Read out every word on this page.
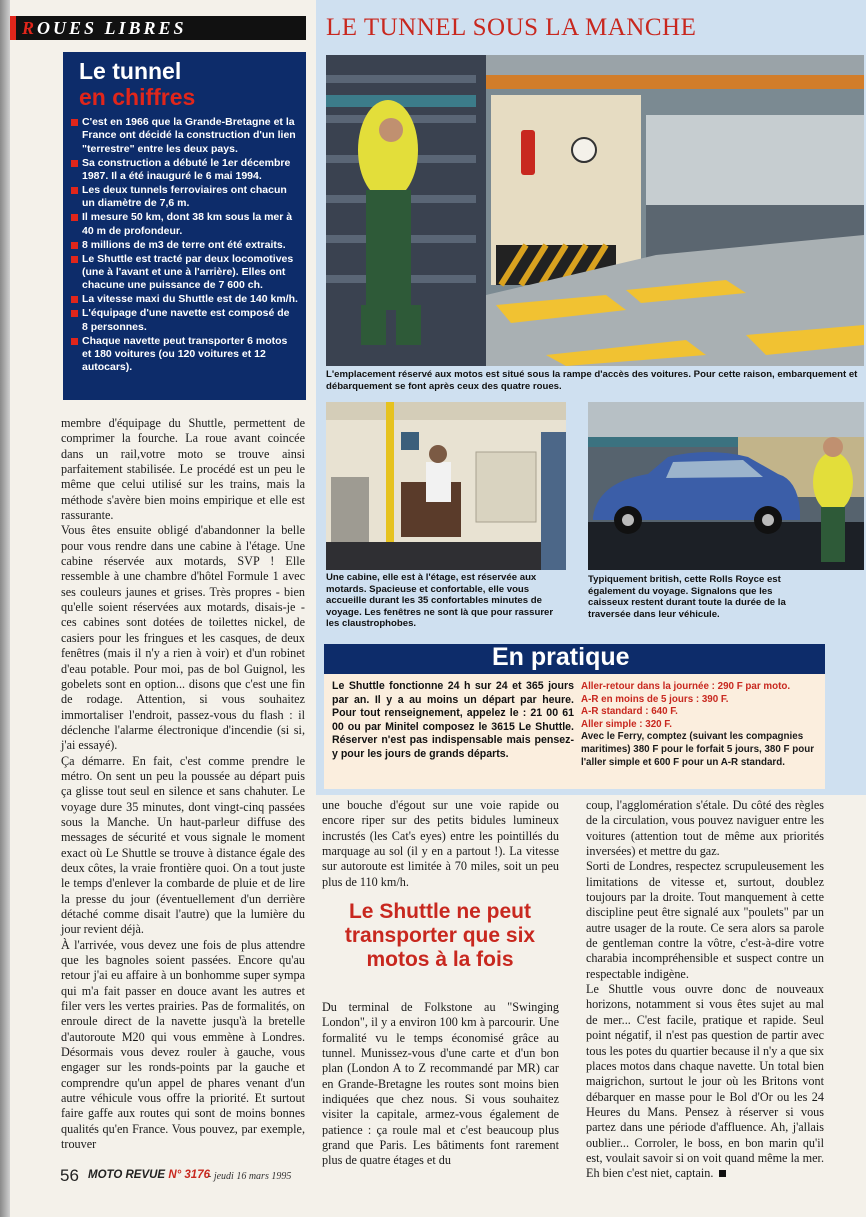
ROUES LIBRES	LE TUNNEL SOUS LA MANCHE
Le tunnel
en chiffres
C'est en 1966 que la Grande-Bretagne et la France ont décidé la construction d'un lien "terrestre" entre les deux pays.
Sa construction a débuté le 1er décembre 1987. Il a été inauguré le 6 mai 1994.
Les deux tunnels ferroviaires ont chacun un diamètre de 7,6 m.
Il mesure 50 km, dont 38 km sous la mer à 40 m de profondeur.
8 millions de m3 de terre ont été extraits.
Le Shuttle est tracté par deux locomotives (une à l'avant et une à l'arrière). Elles ont chacune une puissance de 7 600 ch.
La vitesse maxi du Shuttle est de 140 km/h.
L'équipage d'une navette est composé de 8 personnes.
Chaque navette peut transporter 6 motos et 180 voitures (ou 120 voitures et 12 autocars).
L'emplacement réservé aux motos est situé sous la rampe d'accès des voitures. Pour cette raison, embarquement et débarquement se font après ceux des quatre roues.
Une cabine, elle est à l'étage, est réservée aux motards. Spacieuse et confortable, elle vous accueille durant les 35 confortables minutes de voyage. Les fenêtres ne sont là que pour rassurer les claustrophobes.
Typiquement british, cette Rolls Royce est également du voyage. Signalons que les caisseux restent durant toute la durée de la traversée dans leur véhicule.

membre d'équipage du Shuttle, permettent de comprimer la fourche. La roue avant coincée dans un rail,votre moto se trouve ainsi parfaitement stabilisée. Le procédé est un peu le même que celui utilisé sur les trains, mais la méthode s'avère bien moins empirique et elle est rassurante.

Vous êtes ensuite obligé d'abandonner la belle pour vous rendre dans une cabine à l'étage. Une cabine réservée aux motards, SVP ! Elle ressemble à une chambre d'hôtel Formule 1 avec ses couleurs jaunes et grises. Très propres - bien qu'elle soient réservées aux motards, disais-je - ces cabines sont dotées de toilettes nickel, de casiers pour les fringues et les casques, de deux fenêtres (mais il n'y a rien à voir) et d'un robinet d'eau potable. Pour moi, pas de bol Guignol, les gobelets sont en option... disons que c'est une fin de rodage. Attention, si vous souhaitez immortaliser l'endroit, passez-vous du flash : il déclenche l'alarme électronique d'incendie (si si, j'ai essayé).

Ça démarre. En fait, c'est comme prendre le métro. On sent un peu la poussée au départ puis ça glisse tout seul en silence et sans chahuter. Le voyage dure 35 minutes, dont vingt-cinq passées sous la Manche. Un haut-parleur diffuse des messages de sécurité et vous signale le moment exact où Le Shuttle se trouve à distance égale des deux côtes, la vraie frontière quoi. On a tout juste le temps d'enlever la combarde de pluie et de lire la presse du jour (éventuellement d'un derrière détaché comme disait l'autre) que la lumière du jour revient déjà.

À l'arrivée, vous devez une fois de plus attendre que les bagnoles soient passées. Encore qu'au retour j'ai eu affaire à un bonhomme super sympa qui m'a fait passer en douce avant les autres et filer vers les vertes prairies. Pas de formalités, on enroule direct de la navette jusqu'à la bretelle d'autoroute M20 qui vous emmène à Londres. Désormais vous devez rouler à gauche, vous engager sur les ronds-points par la gauche et comprendre qu'un appel de phares venant d'un autre véhicule vous offre la priorité. Et surtout faire gaffe aux routes qui sont de moins bonnes qualités qu'en France. Vous pouvez, par exemple, trouver

En pratique
Le Shuttle fonctionne 24 h sur 24 et 365 jours par an. Il y a au moins un départ par heure. Pour tout renseignement, appelez le : 21 00 61 00 ou par Minitel composez le 3615 Le Shuttle. Réserver n'est pas indispensable mais pensez-y pour les jours de grands départs.
Aller-retour dans la journée : 290 F par moto.
A-R en moins de 5 jours : 390 F.
A-R standard : 640 F.
Aller simple : 320 F.
Avec le Ferry, comptez (suivant les compagnies maritimes) 380 F pour le forfait 5 jours, 380 F pour l'aller simple et 600 F pour un A-R standard.

une bouche d'égout sur une voie rapide ou encore riper sur des petits bidules lumineux incrustés (les Cat's eyes) entre les pointillés du marquage au sol (il y en a partout !). La vitesse sur autoroute est limitée à 70 miles, soit un peu plus de 110 km/h.

Le Shuttle ne peut transporter que six motos à la fois

Du terminal de Folkstone au "Swinging London", il y a environ 100 km à parcourir. Une formalité vu le temps économisé grâce au tunnel. Munissez-vous d'une carte et d'un bon plan (London A to Z recommandé par MR) car en Grande-Bretagne les routes sont moins bien indiquées que chez nous. Si vous souhaitez visiter la capitale, armez-vous également de patience : ça roule mal et c'est beaucoup plus grand que Paris. Les bâtiments font rarement plus de quatre étages et du

coup, l'agglomération s'étale. Du côté des règles de la circulation, vous pouvez naviguer entre les voitures (attention tout de même aux priorités inversées) et mettre du gaz.

Sorti de Londres, respectez scrupuleusement les limitations de vitesse et, surtout, doublez toujours par la droite. Tout manquement à cette discipline peut être signalé aux "poulets" par un autre usager de la route. Ce sera alors sa parole de gentleman contre la vôtre, c'est-à-dire votre charabia incompréhensible et suspect contre un respectable indigène.

Le Shuttle vous ouvre donc de nouveaux horizons, notamment si vous êtes sujet au mal de mer... C'est facile, pratique et rapide. Seul point négatif, il n'est pas question de partir avec tous les potes du quartier because il n'y a que six places motos dans chaque navette. Un total bien maigrichon, surtout le jour où les Britons vont débarquer en masse pour le Bol d'Or ou les 24 Heures du Mans. Pensez à réserver si vous partez dans une période d'affluence. Ah, j'allais oublier... Corroler, le boss, en bon marin qu'il est, voulait savoir si on voit quand même la mer. Eh bien c'est niet, captain.

56 MOTO REVUE N° 3176
- jeudi 16 mars 1995
